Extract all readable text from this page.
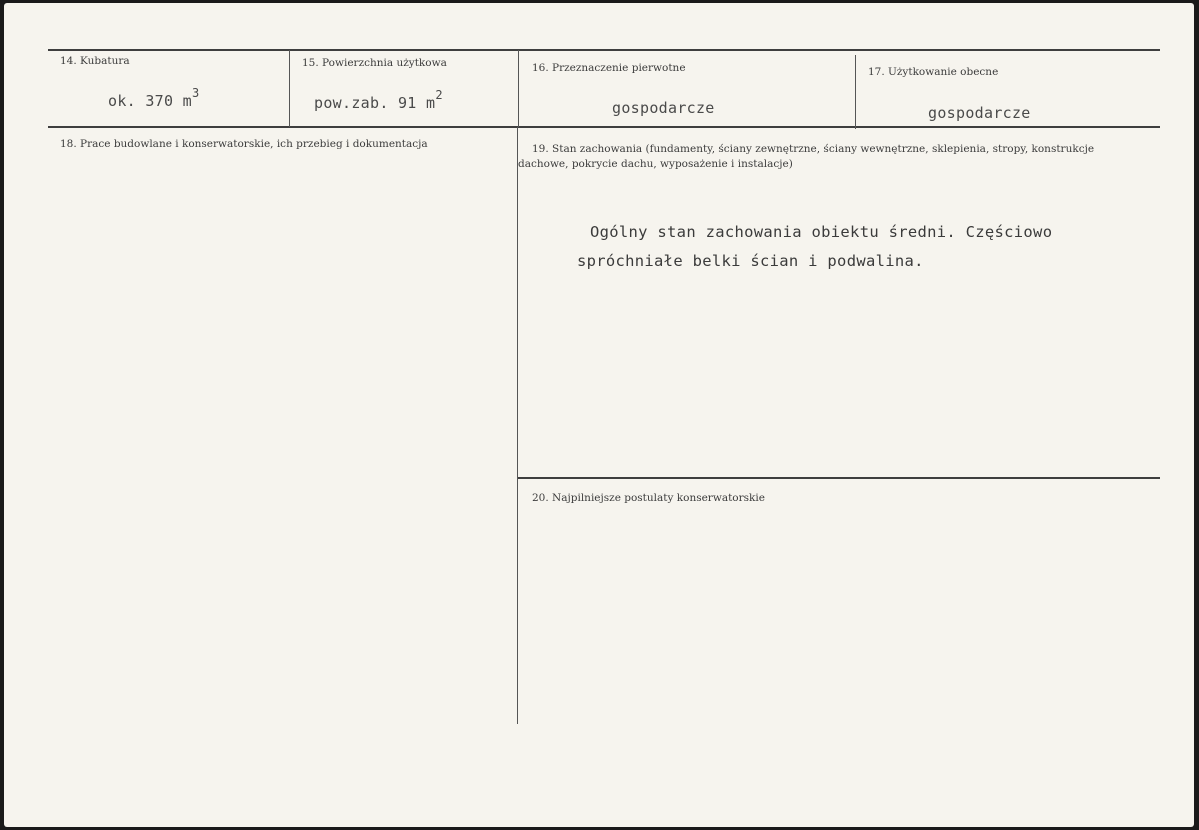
14. Kubatura
ok. 370 $m^3$
15. Powierzchnia użytkowa
pow.zab. 91 $m^2$
16. Przeznaczenie pierwotne
gospodarcze
17. Użytkowanie obecne
gospodarcze
18. Prace budowlane i konserwatorskie, ich przebieg i dokumentacja	19. Stan zachowania (fundamenty, ściany zewnętrzne, ściany wewnętrzne, sklepienia, stropy, konstrukcje
dachowe, pokrycie dachu, wyposażenie i instalacje)
Ogólny stan zachowania obiektu średni. Częściowo
spróchniałe belki ścian i podwalina.
20. Najpilniejsze postulaty konserwatorskie
